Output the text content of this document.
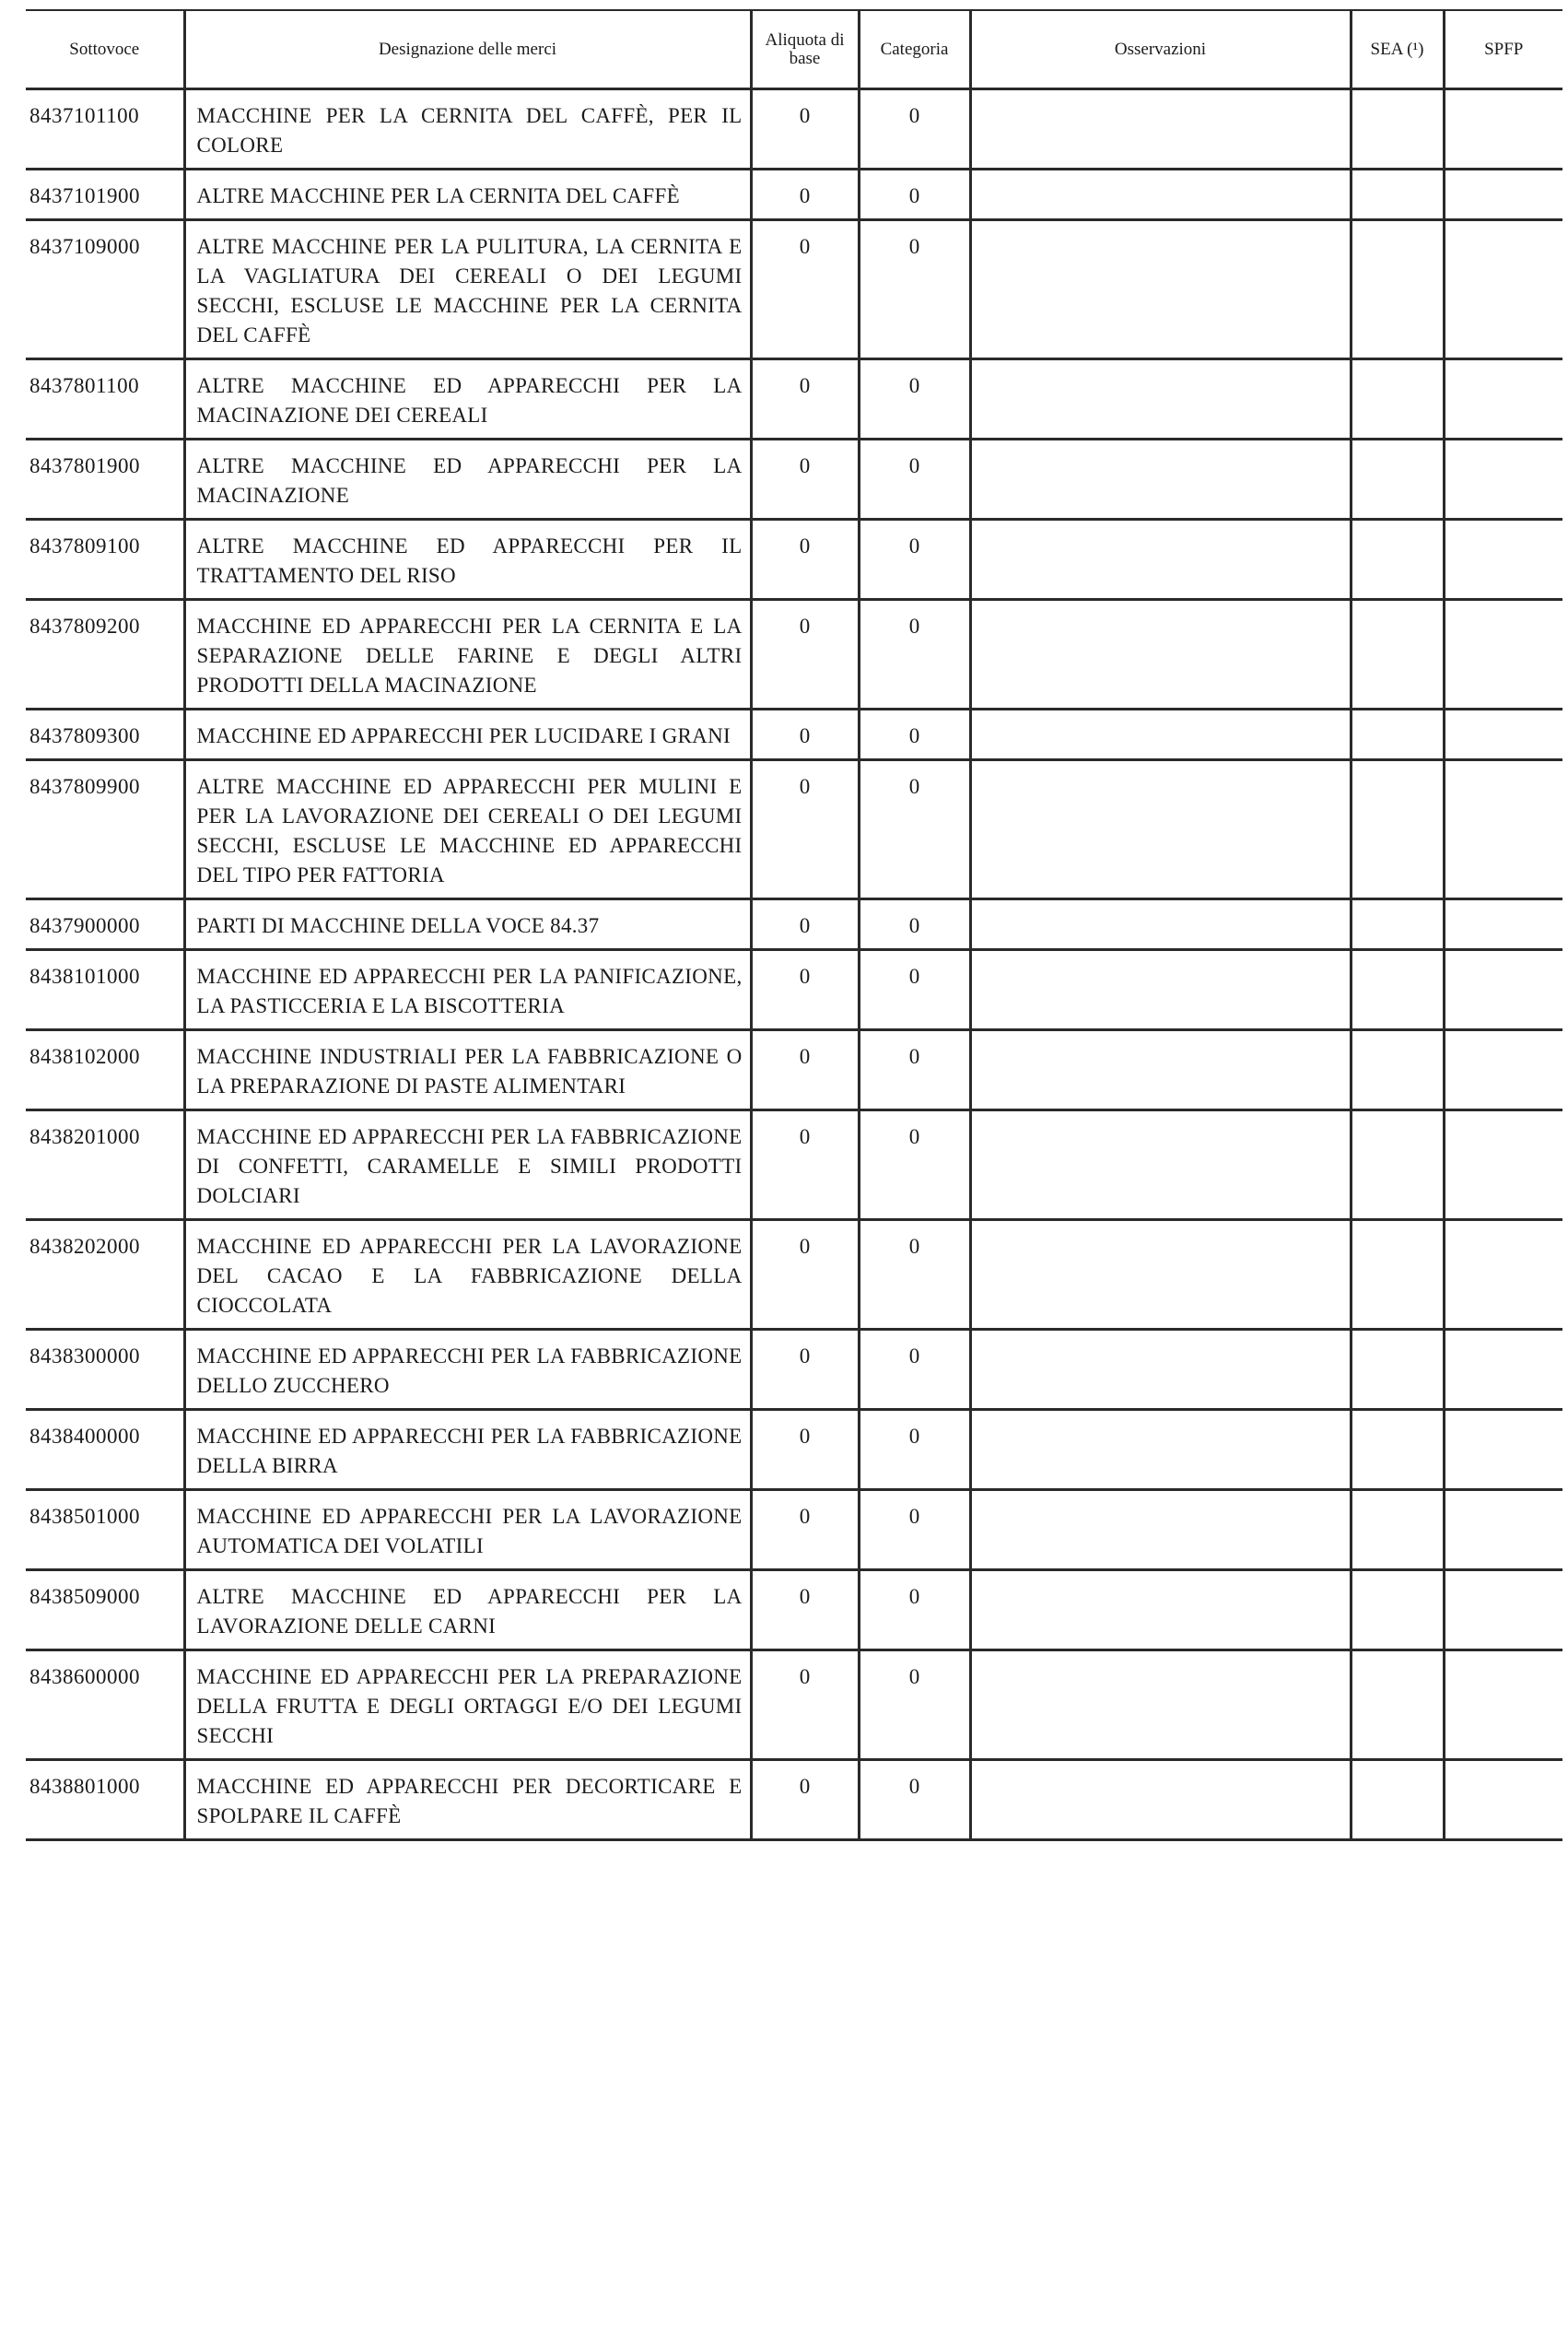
Sottovoce	Designazione delle merci	Aliquota di base	Categoria	Osservazioni	SEA (¹)	SPFP
8437101100	MACCHINE PER LA CERNITA DEL CAFFÈ, PER IL COLORE	0	0			
8437101900	ALTRE MACCHINE PER LA CERNITA DEL CAFFÈ	0	0			
8437109000	ALTRE MACCHINE PER LA PULITURA, LA CERNITA E LA VAGLIATURA DEI CEREALI O DEI LEGUMI SECCHI, ESCLUSE LE MACCHINE PER LA CERNITA DEL CAFFÈ	0	0			
8437801100	ALTRE MACCHINE ED APPARECCHI PER LA MACINAZIONE DEI CEREALI	0	0			
8437801900	ALTRE MACCHINE ED APPARECCHI PER LA MACINAZIONE	0	0			
8437809100	ALTRE MACCHINE ED APPARECCHI PER IL TRATTAMENTO DEL RISO	0	0			
8437809200	MACCHINE ED APPARECCHI PER LA CERNITA E LA SEPARAZIONE DELLE FARINE E DEGLI ALTRI PRODOTTI DELLA MACINAZIONE	0	0			
8437809300	MACCHINE ED APPARECCHI PER LUCIDARE I GRANI	0	0			
8437809900	ALTRE MACCHINE ED APPARECCHI PER MULINI E PER LA LAVORAZIONE DEI CEREALI O DEI LEGUMI SECCHI, ESCLUSE LE MACCHINE ED APPARECCHI DEL TIPO PER FATTORIA	0	0			
8437900000	PARTI DI MACCHINE DELLA VOCE 84.37	0	0			
8438101000	MACCHINE ED APPARECCHI PER LA PANIFICAZIONE, LA PASTICCERIA E LA BISCOTTERIA	0	0			
8438102000	MACCHINE INDUSTRIALI PER LA FABBRICAZIONE O LA PREPARAZIONE DI PASTE ALIMENTARI	0	0			
8438201000	MACCHINE ED APPARECCHI PER LA FABBRICAZIONE DI CONFETTI, CARAMELLE E SIMILI PRODOTTI DOLCIARI	0	0			
8438202000	MACCHINE ED APPARECCHI PER LA LAVORAZIONE DEL CACAO E LA FABBRICAZIONE DELLA CIOCCOLATA	0	0			
8438300000	MACCHINE ED APPARECCHI PER LA FABBRICAZIONE DELLO ZUCCHERO	0	0			
8438400000	MACCHINE ED APPARECCHI PER LA FABBRICAZIONE DELLA BIRRA	0	0			
8438501000	MACCHINE ED APPARECCHI PER LA LAVORAZIONE AUTOMATICA DEI VOLATILI	0	0			
8438509000	ALTRE MACCHINE ED APPARECCHI PER LA LAVORAZIONE DELLE CARNI	0	0			
8438600000	MACCHINE ED APPARECCHI PER LA PREPARAZIONE DELLA FRUTTA E DEGLI ORTAGGI E/O DEI LEGUMI SECCHI	0	0			
8438801000	MACCHINE ED APPARECCHI PER DECORTICARE E SPOLPARE IL CAFFÈ	0	0			
